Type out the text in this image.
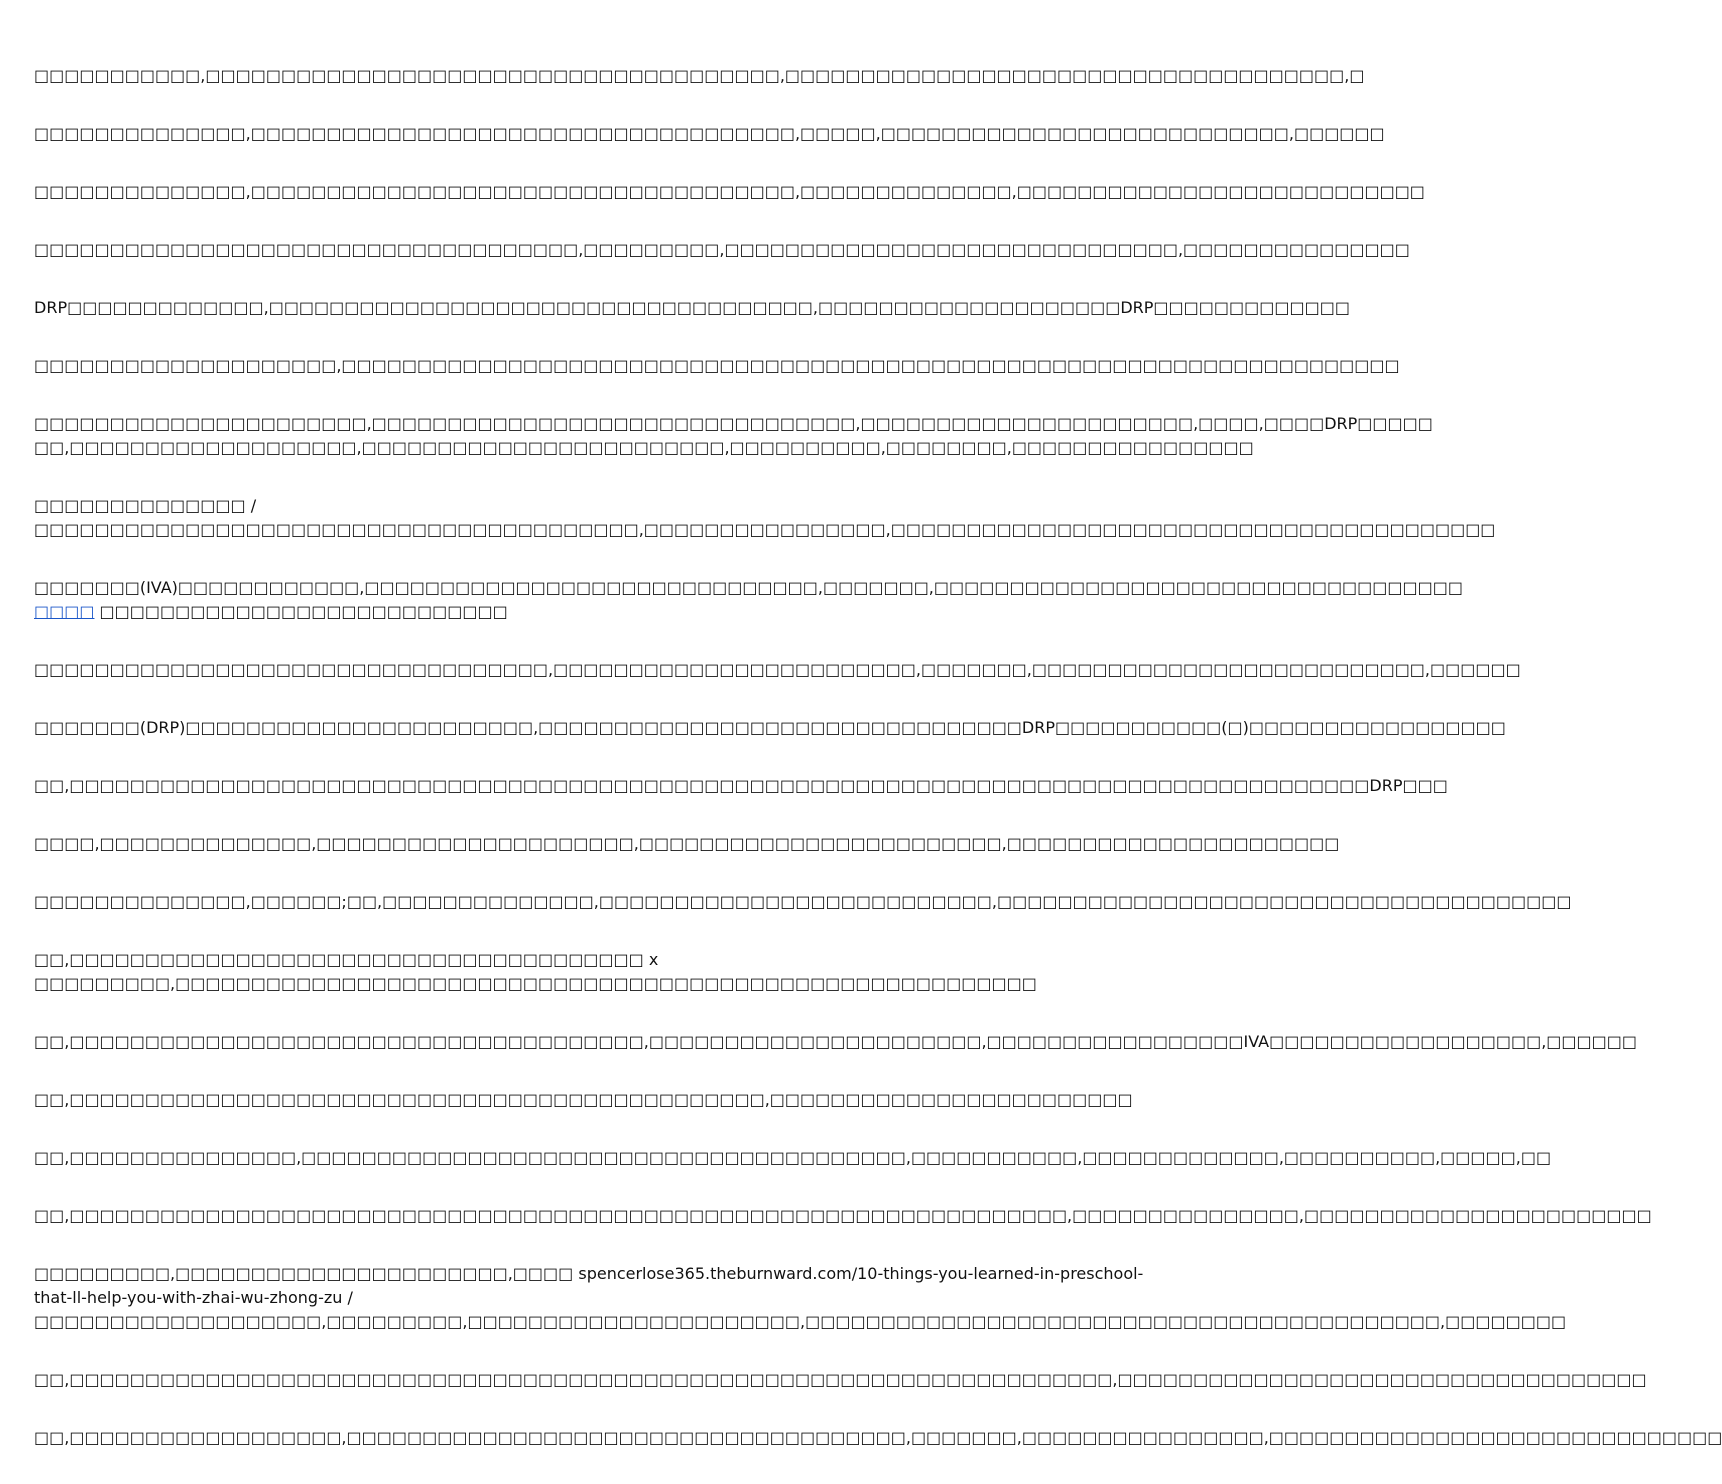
□□□□□□□□□□□,□□□□□□□□□□□□□□□□□□□□□□□□□□□□□□□□□□□□□□,□□□□□□□□□□□□□□□□□□□□□□□□□□□□□□□□□□□□□,□

□□□□□□□□□□□□□□,□□□□□□□□□□□□□□□□□□□□□□□□□□□□□□□□□□□□,□□□□□,□□□□□□□□□□□□□□□□□□□□□□□□□□□,□□□□□□

□□□□□□□□□□□□□□,□□□□□□□□□□□□□□□□□□□□□□□□□□□□□□□□□□□□,□□□□□□□□□□□□□□,□□□□□□□□□□□□□□□□□□□□□□□□□□□

□□□□□□□□□□□□□□□□□□□□□□□□□□□□□□□□□□□□,□□□□□□□□□,□□□□□□□□□□□□□□□□□□□□□□□□□□□□□□,□□□□□□□□□□□□□□□

DRP□□□□□□□□□□□□□,□□□□□□□□□□□□□□□□□□□□□□□□□□□□□□□□□□□□,□□□□□□□□□□□□□□□□□□□□DRP□□□□□□□□□□□□□

□□□□□□□□□□□□□□□□□□□□,□□□□□□□□□□□□□□□□□□□□□□□□□□□□□□□□□□□□□□□□□□□□□□□□□□□□□□□□□□□□□□□□□□□□□□

□□□□□□□□□□□□□□□□□□□□□□,□□□□□□□□□□□□□□□□□□□□□□□□□□□□□□□□,□□□□□□□□□□□□□□□□□□□□□□,□□□□,□□□□DRP□□□□□
□□,□□□□□□□□□□□□□□□□□□□,□□□□□□□□□□□□□□□□□□□□□□□□,□□□□□□□□□□,□□□□□□□□,□□□□□□□□□□□□□□□□

□□□□□□□□□□□□□□ /
□□□□□□□□□□□□□□□□□□□□□□□□□□□□□□□□□□□□□□□□,□□□□□□□□□□□□□□□□,□□□□□□□□□□□□□□□□□□□□□□□□□□□□□□□□□□□□□□□□

□□□□□□□(IVA)□□□□□□□□□□□□,□□□□□□□□□□□□□□□□□□□□□□□□□□□□□□,□□□□□□□,□□□□□□□□□□□□□□□□□□□□□□□□□□□□□□□□□□□
□□□□ □□□□□□□□□□□□□□□□□□□□□□□□□□□

□□□□□□□□□□□□□□□□□□□□□□□□□□□□□□□□□□,□□□□□□□□□□□□□□□□□□□□□□□□,□□□□□□□,□□□□□□□□□□□□□□□□□□□□□□□□□□,□□□□□□

□□□□□□□(DRP)□□□□□□□□□□□□□□□□□□□□□□□,□□□□□□□□□□□□□□□□□□□□□□□□□□□□□□□□DRP□□□□□□□□□□□(□)□□□□□□□□□□□□□□□□□

□□,□□□□□□□□□□□□□□□□□□□□□□□□□□□□□□□□□□□□□□□□□□□□□□□□□□□□□□□□□□□□□□□□□□□□□□□□□□□□□□□□□□□□□□DRP□□□

□□□□,□□□□□□□□□□□□□□,□□□□□□□□□□□□□□□□□□□□□,□□□□□□□□□□□□□□□□□□□□□□□□,□□□□□□□□□□□□□□□□□□□□□□

□□□□□□□□□□□□□□,□□□□□□;□□,□□□□□□□□□□□□□□,□□□□□□□□□□□□□□□□□□□□□□□□□□,□□□□□□□□□□□□□□□□□□□□□□□□□□□□□□□□□□□□□□

□□,□□□□□□□□□□□□□□□□□□□□□□□□□□□□□□□□□□□□□□ x
□□□□□□□□□,□□□□□□□□□□□□□□□□□□□□□□□□□□□□□□□□□□□□□□□□□□□□□□□□□□□□□□□□□

□□,□□□□□□□□□□□□□□□□□□□□□□□□□□□□□□□□□□□□□□,□□□□□□□□□□□□□□□□□□□□□□,□□□□□□□□□□□□□□□□□IVA□□□□□□□□□□□□□□□□□□,□□□□□□

□□,□□□□□□□□□□□□□□□□□□□□□□□□□□□□□□□□□□□□□□□□□□□□□□,□□□□□□□□□□□□□□□□□□□□□□□□

□□,□□□□□□□□□□□□□□□,□□□□□□□□□□□□□□□□□□□□□□□□□□□□□□□□□□□□□□□□,□□□□□□□□□□□,□□□□□□□□□□□□□,□□□□□□□□□□,□□□□□,□□

□□,□□□□□□□□□□□□□□□□□□□□□□□□□□□□□□□□□□□□□□□□□□□□□□□□□□□□□□□□□□□□□□□□□□,□□□□□□□□□□□□□□□,□□□□□□□□□□□□□□□□□□□□□□□

□□□□□□□□□,□□□□□□□□□□□□□□□□□□□□□□,□□□□ spencerlose365.theburnward.com/10-things-you-learned-in-preschool-
that-ll-help-you-with-zhai-wu-zhong-zu /
□□□□□□□□□□□□□□□□□□□,□□□□□□□□□,□□□□□□□□□□□□□□□□□□□□□□,□□□□□□□□□□□□□□□□□□□□□□□□□□□□□□□□□□□□□□□□□□,□□□□□□□□

□□,□□□□□□□□□□□□□□□□□□□□□□□□□□□□□□□□□□□□□□□□□□□□□□□□□□□□□□□□□□□□□□□□□□□□□,□□□□□□□□□□□□□□□□□□□□□□□□□□□□□□□□□□□

□□,□□□□□□□□□□□□□□□□□□,□□□□□□□□□□□□□□□□□□□□□□□□□□□□□□□□□□□□□,□□□□□□□,□□□□□□□□□□□□□□□□,□□□□□□□□□□□□□□□□□□□□□□□□□□□□□□
